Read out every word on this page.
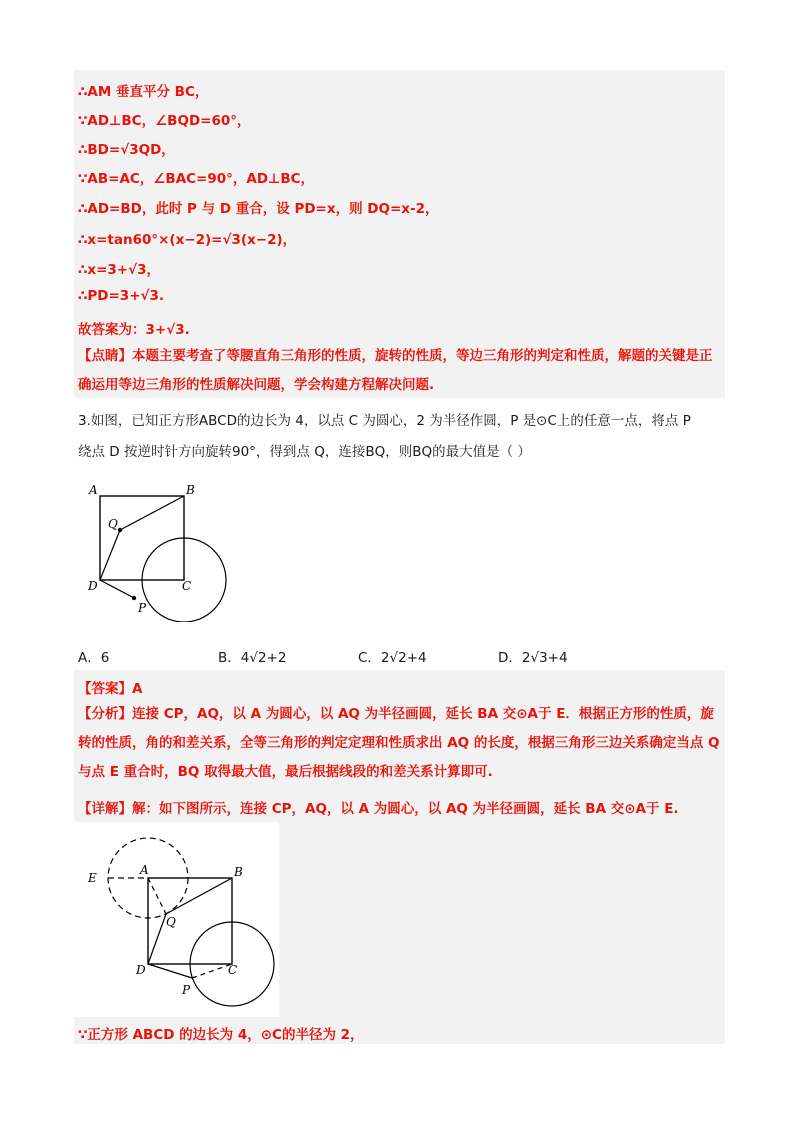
∴AM 垂直平分 BC，
∵AD⊥BC，∠BQD=60°，
∴BD=√3QD，
∵AB=AC，∠BAC=90°，AD⊥BC，
∴AD=BD，此时 P 与 D 重合，设 PD=x，则 DQ=x-2，
∴x=tan60°×(x−2)=√3(x−2)，
∴x=3+√3，
∴PD=3+√3.
故答案为：3+√3.
【点睛】本题主要考查了等腰直角三角形的性质，旋转的性质，等边三角形的判定和性质，解题的关键是正确运用等边三角形的性质解决问题，学会构建方程解决问题.
3.如图，已知正方形ABCD的边长为 4，以点 C 为圆心，2 为半径作圆，P 是⊙C上的任意一点，将点 P
绕点 D 按逆时针方向旋转90°，得到点 Q，连接BQ，则BQ的最大值是（ ）
A	B
Q
D	C
P
A．6	B．4√2+2	C．2√2+4	D．2√3+4
【答案】A
【分析】连接 CP，AQ，以 A 为圆心，以 AQ 为半径画圆，延长 BA 交⊙A于 E．根据正方形的性质，旋转的性质，角的和差关系，全等三角形的判定定理和性质求出 AQ 的长度，根据三角形三边关系确定当点 Q 与点 E 重合时，BQ 取得最大值，最后根据线段的和差关系计算即可.
【详解】解：如下图所示，连接 CP，AQ，以 A 为圆心，以 AQ 为半径画圆，延长 BA 交⊙A于 E.
E
A	B
Q
D	C
P
∵正方形 ABCD 的边长为 4，⊙C的半径为 2，
